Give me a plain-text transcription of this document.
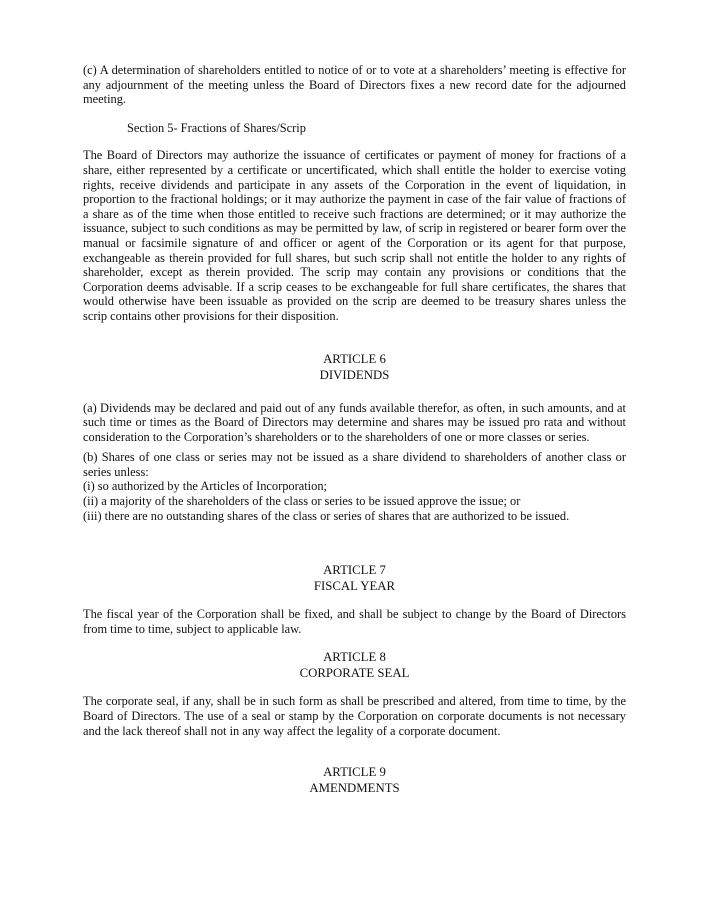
(c) A determination of shareholders entitled to notice of or to vote at a shareholders’ meeting is effective for any adjournment of the meeting unless the Board of Directors fixes a new record date for the adjourned meeting.

Section 5- Fractions of Shares/Scrip

The Board of Directors may authorize the issuance of certificates or payment of money for fractions of a share, either represented by a certificate or uncertificated, which shall entitle the holder to exercise voting rights, receive dividends and participate in any assets of the Corporation in the event of liquidation, in proportion to the fractional holdings; or it may authorize the payment in case of the fair value of fractions of a share as of the time when those entitled to receive such fractions are determined; or it may authorize the issuance, subject to such conditions as may be permitted by law, of scrip in registered or bearer form over the manual or facsimile signature of and officer or agent of the Corporation or its agent for that purpose, exchangeable as therein provided for full shares, but such scrip shall not entitle the holder to any rights of shareholder, except as therein provided. The scrip may contain any provisions or conditions that the Corporation deems advisable. If a scrip ceases to be exchangeable for full share certificates, the shares that would otherwise have been issuable as provided on the scrip are deemed to be treasury shares unless the scrip contains other provisions for their disposition.

ARTICLE 6
DIVIDENDS

(a) Dividends may be declared and paid out of any funds available therefor, as often, in such amounts, and at such time or times as the Board of Directors may determine and shares may be issued pro rata and without consideration to the Corporation’s shareholders or to the shareholders of one or more classes or series.

(b) Shares of one class or series may not be issued as a share dividend to shareholders of another class or series unless:

(i) so authorized by the Articles of Incorporation;
(ii) a majority of the shareholders of the class or series to be issued approve the issue; or
(iii) there are no outstanding shares of the class or series of shares that are authorized to be issued.
ARTICLE 7
FISCAL YEAR

The fiscal year of the Corporation shall be fixed, and shall be subject to change by the Board of Directors from time to time, subject to applicable law.

ARTICLE 8
CORPORATE SEAL

The corporate seal, if any, shall be in such form as shall be prescribed and altered, from time to time, by the Board of Directors. The use of a seal or stamp by the Corporation on corporate documents is not necessary and the lack thereof shall not in any way affect the legality of a corporate document.

ARTICLE 9
AMENDMENTS
